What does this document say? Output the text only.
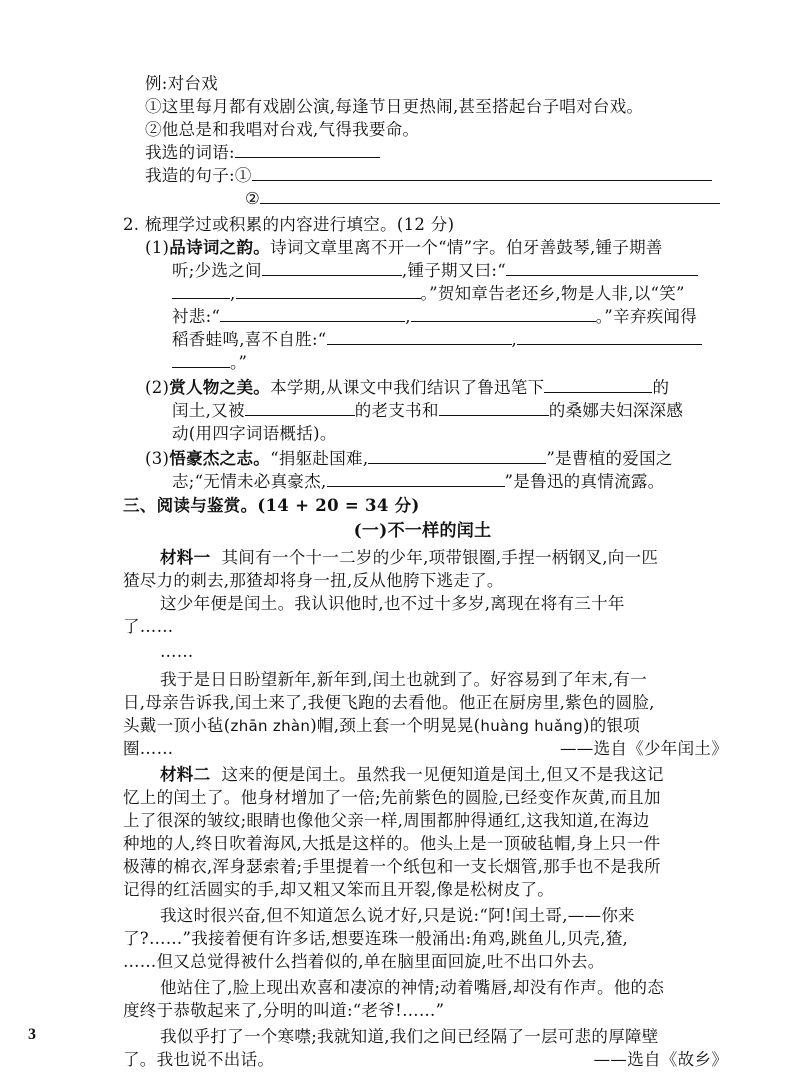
例:对台戏
①这里每月都有戏剧公演,每逢节日更热闹,甚至搭起台子唱对台戏。
②他总是和我唱对台戏,气得我要命。
我选的词语:
我造的句子:①
②
2. 梳理学过或积累的内容进行填空。(12 分)
(1)品诗词之韵。诗词文章里离不开一个“情”字。伯牙善鼓琴,锺子期善
听;少选之间	,锺子期又曰:“
,	。”贺知章告老还乡,物是人非,以“笑”
衬悲:“	,	。”辛弃疾闻得
稻香蛙鸣,喜不自胜:“	,
。”
(2)赏人物之美。本学期,从课文中我们结识了鲁迅笔下	的
闰土,又被	的老支书和	的桑娜夫妇深深感
动(用四字词语概括)。
(3)悟豪杰之志。“捐躯赴国难,	”是曹植的爱国之
志;“无情未必真豪杰,	”是鲁迅的真情流露。
三、阅读与鉴赏。(14 + 20 = 34 分)
(一)不一样的闰土
材料一 其间有一个十一二岁的少年,项带银圈,手捏一柄钢叉,向一匹
猹尽力的刺去,那猹却将身一扭,反从他胯下逃走了。
这少年便是闰土。我认识他时,也不过十多岁,离现在将有三十年
了……
……
我于是日日盼望新年,新年到,闰土也就到了。好容易到了年末,有一
日,母亲告诉我,闰土来了,我便飞跑的去看他。他正在厨房里,紫色的圆脸,
头戴一顶小毡(zhān zhàn)帽,颈上套一个明晃晃(huàng huǎng)的银项
圈……	——选自《少年闰土》
材料二 这来的便是闰土。虽然我一见便知道是闰土,但又不是我这记
忆上的闰土了。他身材增加了一倍;先前紫色的圆脸,已经变作灰黄,而且加
上了很深的皱纹;眼睛也像他父亲一样,周围都肿得通红,这我知道,在海边
种地的人,终日吹着海风,大抵是这样的。他头上是一顶破毡帽,身上只一件
极薄的棉衣,浑身瑟索着;手里提着一个纸包和一支长烟管,那手也不是我所
记得的红活圆实的手,却又粗又笨而且开裂,像是松树皮了。
我这时很兴奋,但不知道怎么说才好,只是说:“阿!闰土哥,——你来
了?……”我接着便有许多话,想要连珠一般涌出:角鸡,跳鱼儿,贝壳,猹,
……但又总觉得被什么挡着似的,单在脑里面回旋,吐不出口外去。
他站住了,脸上现出欢喜和凄凉的神情;动着嘴唇,却没有作声。他的态
度终于恭敬起来了,分明的叫道:“老爷!……”
我似乎打了一个寒噤;我就知道,我们之间已经隔了一层可悲的厚障壁
了。我也说不出话。	——选自《故乡》
3
